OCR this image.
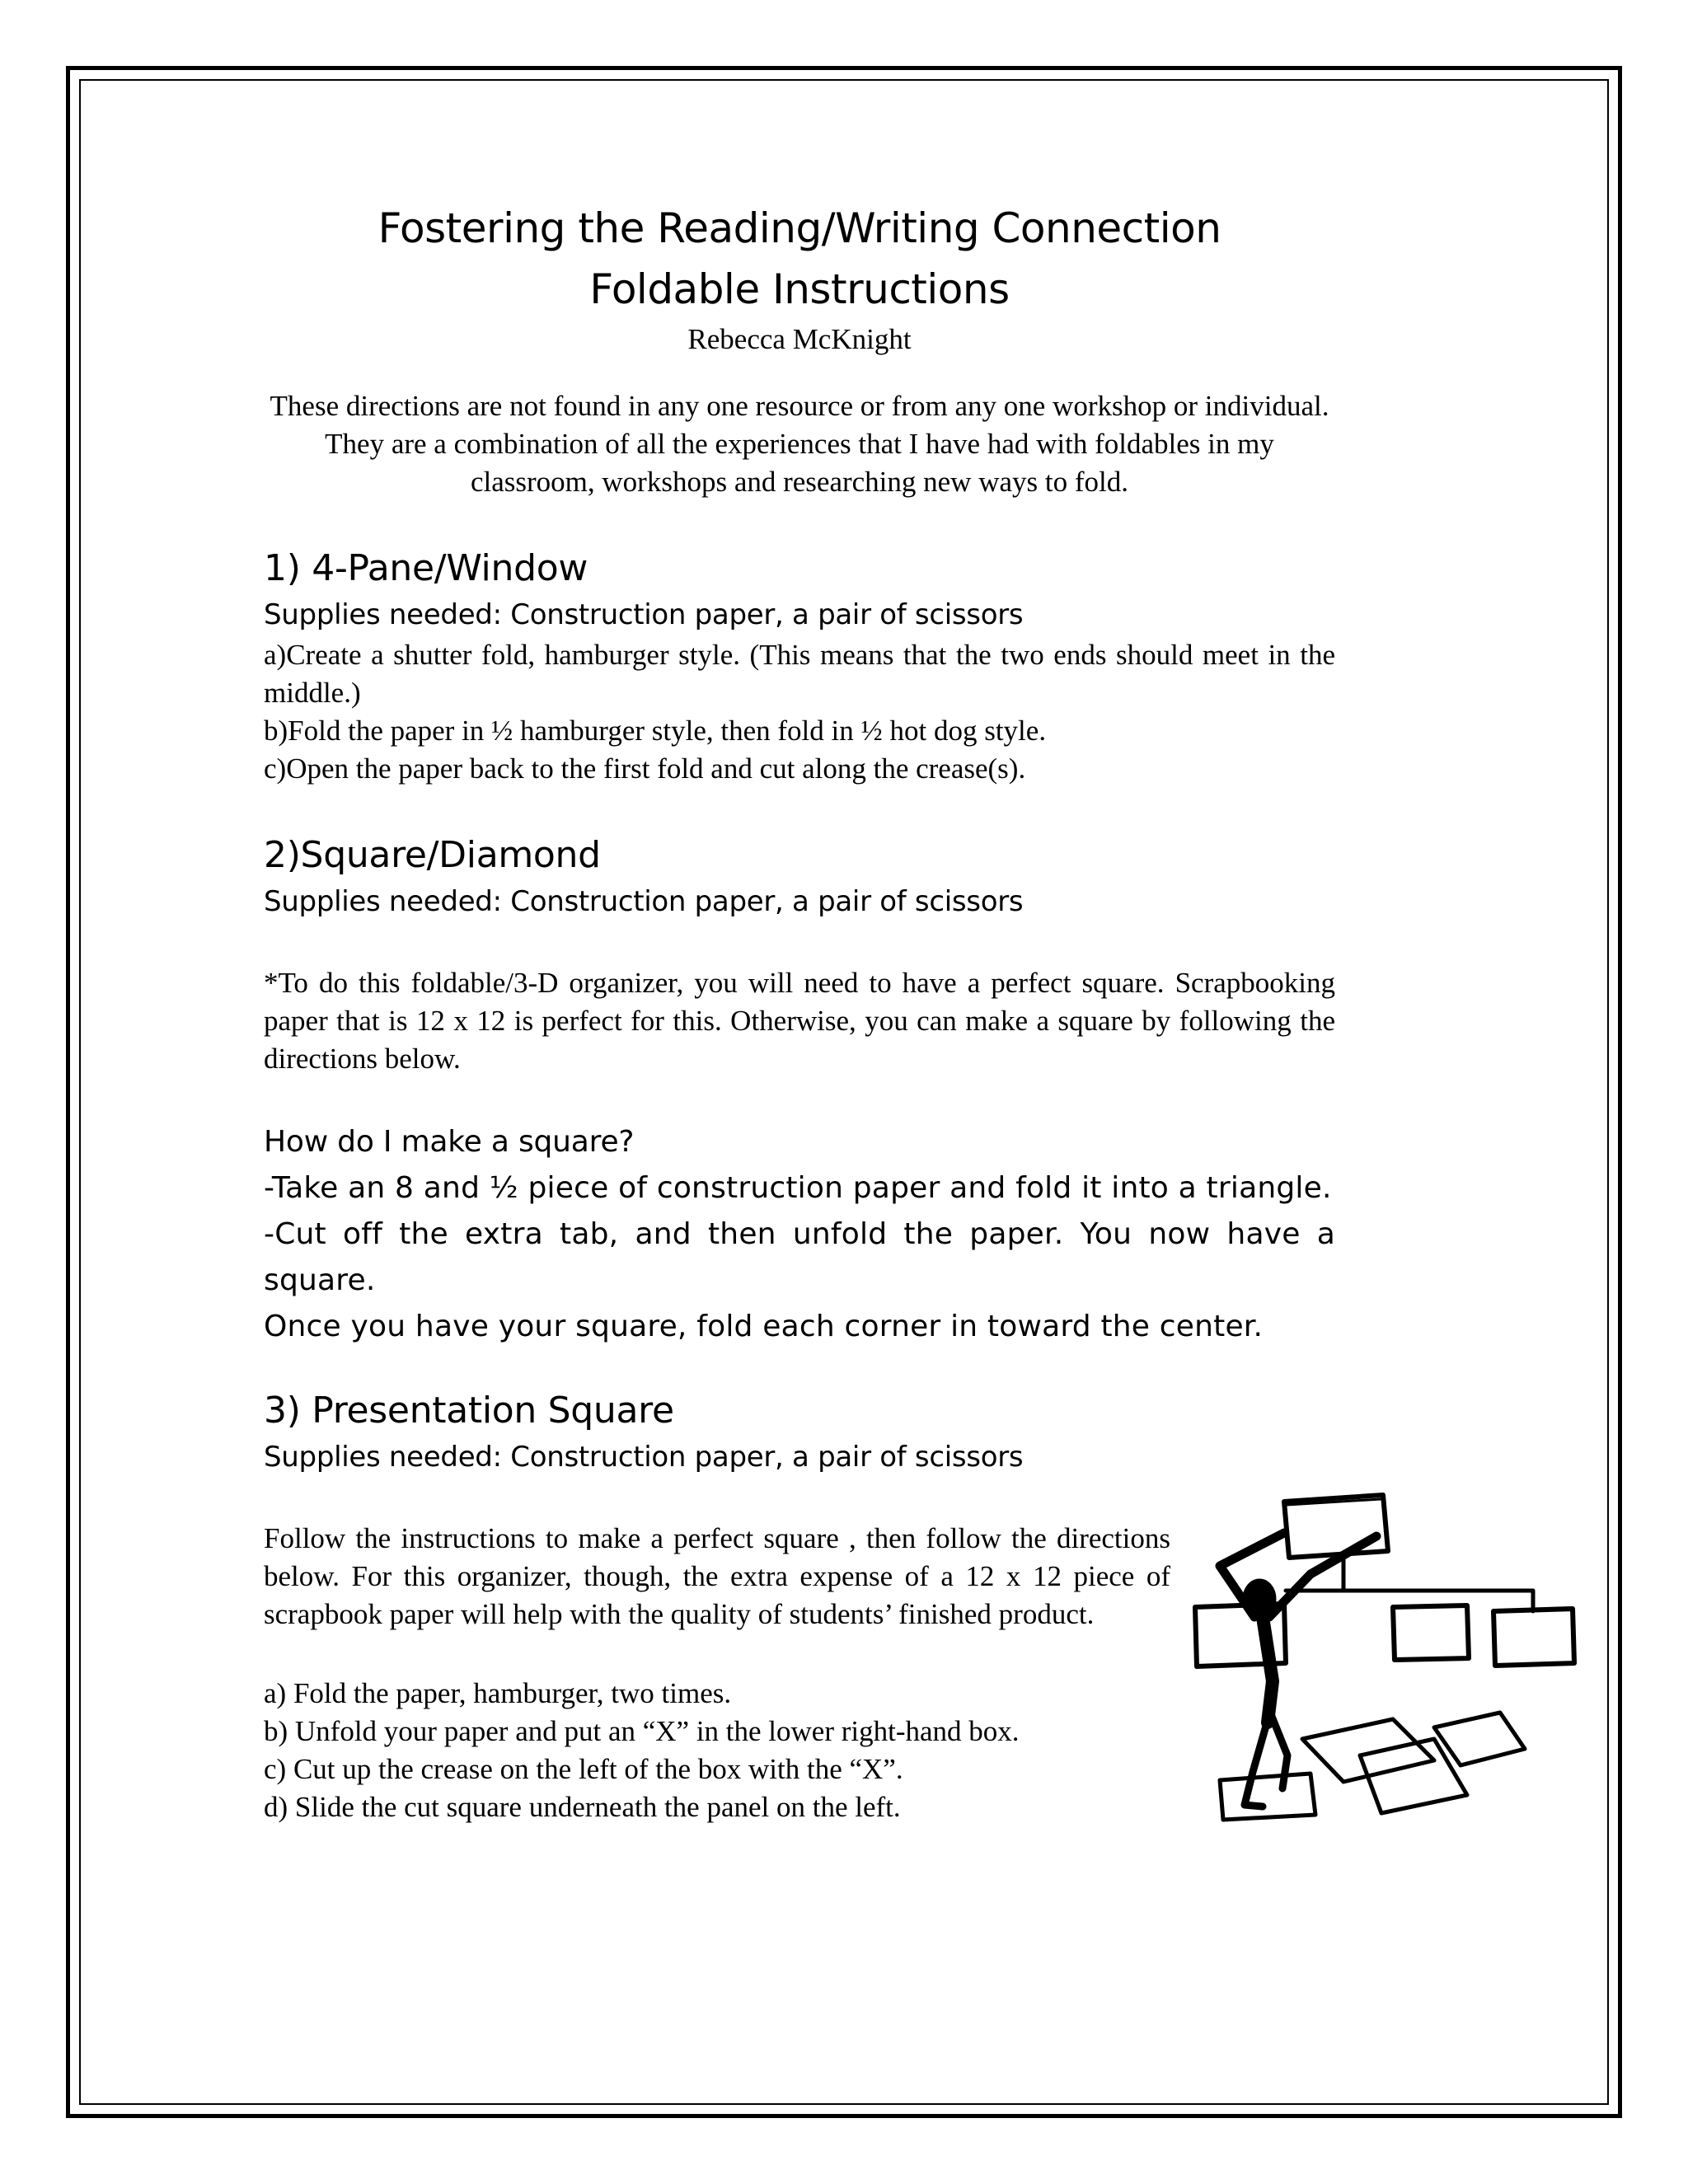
Fostering the Reading/Writing Connection
Foldable Instructions
Rebecca McKnight
These directions are not found in any one resource or from any one workshop or individual. They are a combination of all the experiences that I have had with foldables in my classroom, workshops and researching new ways to fold.
1) 4-Pane/Window
Supplies needed: Construction paper, a pair of scissors
a)Create a shutter fold, hamburger style. (This means that the two ends should meet in the middle.)
b)Fold the paper in ½ hamburger style, then fold in ½ hot dog style.
c)Open the paper back to the first fold and cut along the crease(s).
2)Square/Diamond
Supplies needed: Construction paper, a pair of scissors
*To do this foldable/3-D organizer, you will need to have a perfect square. Scrapbooking paper that is 12 x 12 is perfect for this. Otherwise, you can make a square by following the directions below.
How do I make a square?
-Take an 8 and ½ piece of construction paper and fold it into a triangle.
-Cut off the extra tab, and then unfold the paper. You now have a square.
Once you have your square, fold each corner in toward the center.
3) Presentation Square
Supplies needed: Construction paper, a pair of scissors
Follow the instructions to make a perfect square , then follow the directions below. For this organizer, though, the extra expense of a 12 x 12 piece of scrapbook paper will help with the quality of students’ finished product.
a) Fold the paper, hamburger, two times.
b) Unfold your paper and put an “X” in the lower right-hand box.
c) Cut up the crease on the left of the box with the “X”.
d) Slide the cut square underneath the panel on the left.
